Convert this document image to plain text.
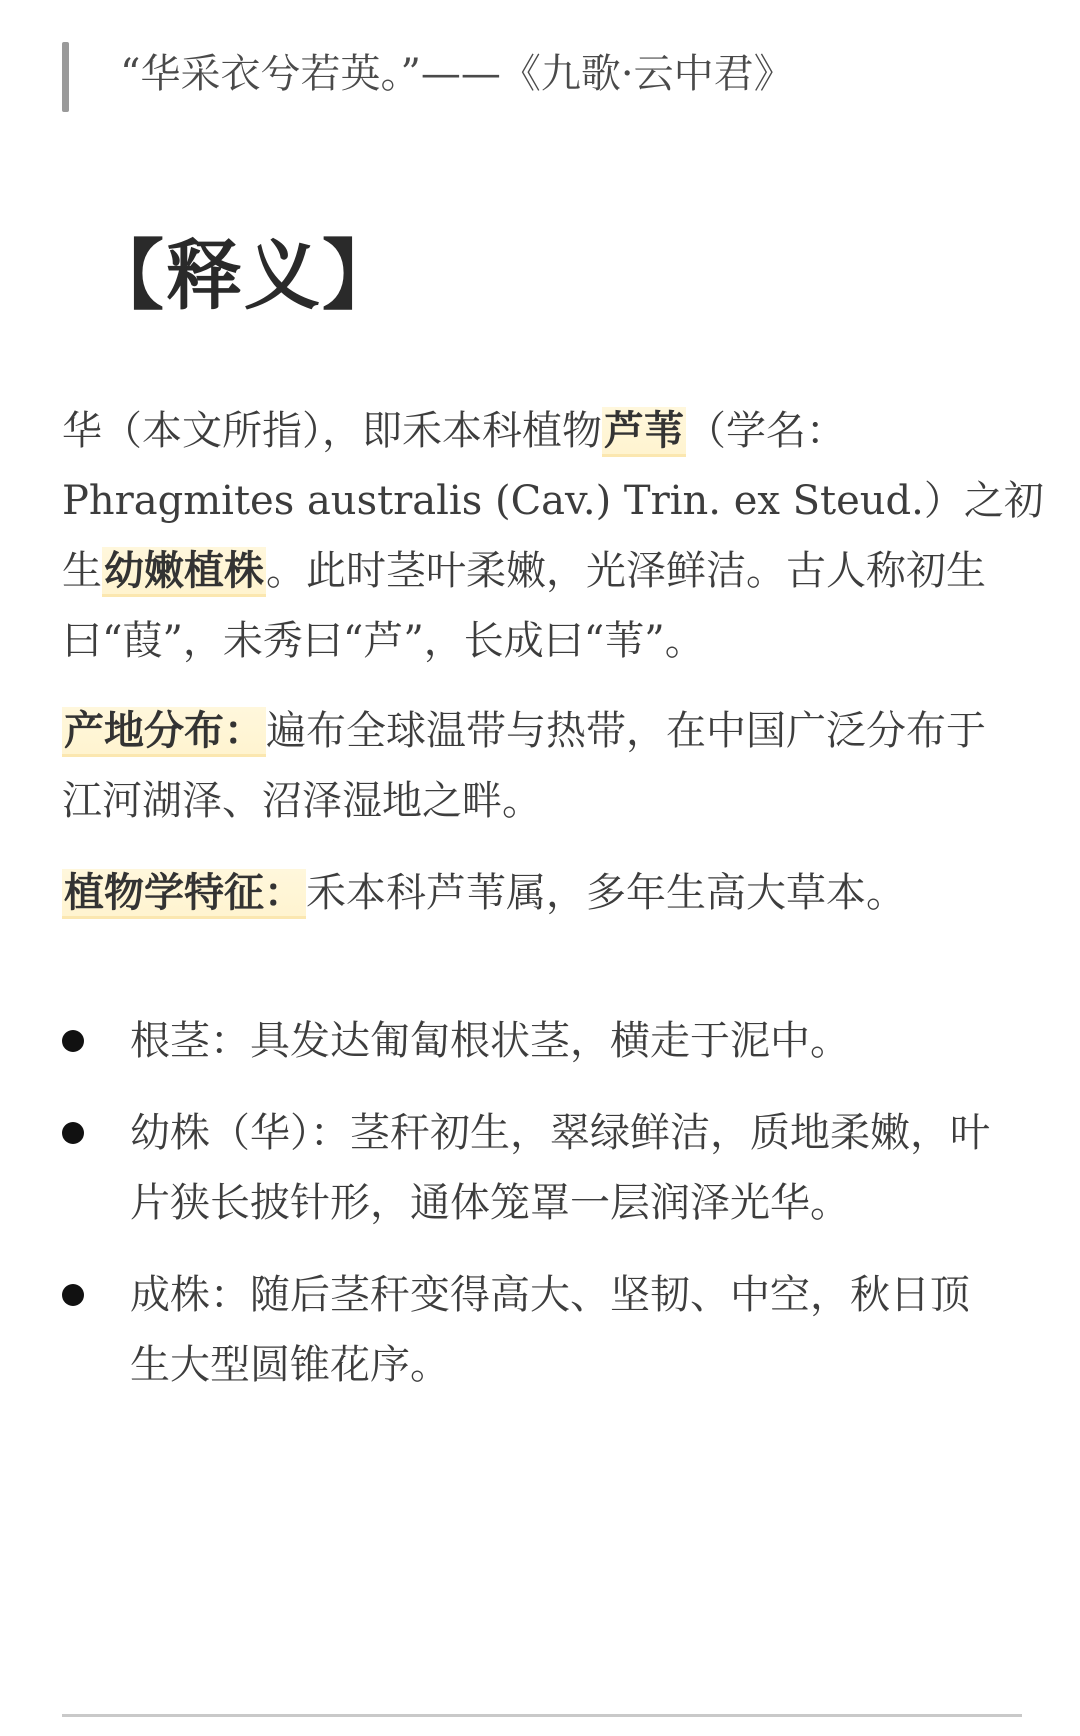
“华采衣兮若英。”——《九歌·云中君》
【释义】
华（本文所指），即禾本科植物芦苇（学名：
Phragmites australis (Cav.) Trin. ex Steud.）之初
生幼嫩植株。此时茎叶柔嫩，光泽鲜洁。古人称初生
曰“葭”，未秀曰“芦”，长成曰“苇”。
产地分布：遍布全球温带与热带，在中国广泛分布于
江河湖泽、沼泽湿地之畔。
植物学特征：禾本科芦苇属，多年生高大草本。
根茎：具发达匍匐根状茎，横走于泥中。
幼株（华）：茎秆初生，翠绿鲜洁，质地柔嫩，叶
片狭长披针形，通体笼罩一层润泽光华。
成株：随后茎秆变得高大、坚韧、中空，秋日顶
生大型圆锥花序。
